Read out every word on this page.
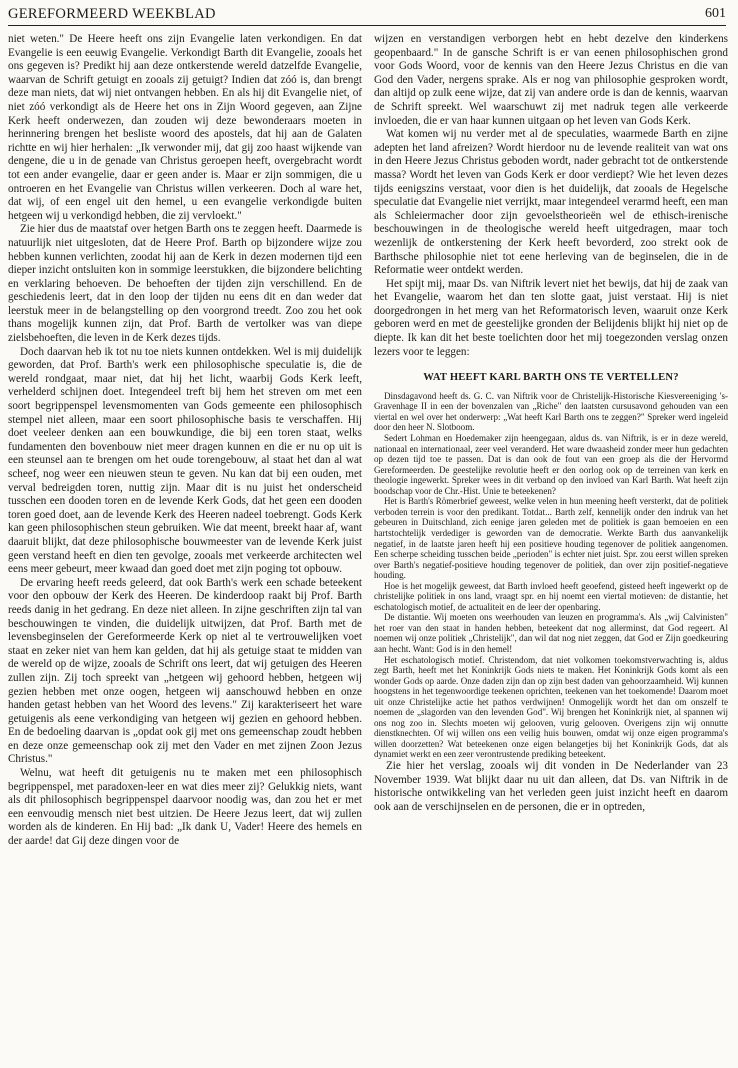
GEREFORMEERD WEEKBLAD	601

niet weten." De Heere heeft ons zijn Evangelie laten verkondigen. En dat Evangelie is een eeuwig Evangelie. Verkondigt Barth dit Evangelie, zooals het ons gegeven is? Predikt hij aan deze ontkerstende wereld datzelfde Evangelie, waarvan de Schrift getuigt en zooals zij getuigt? Indien dat zóó is, dan brengt deze man niets, dat wij niet ontvangen hebben. En als hij dit Evangelie niet, of niet zóó verkondigt als de Heere het ons in Zijn Woord gegeven, aan Zijne Kerk heeft onderwezen, dan zouden wij deze bewonderaars moeten in herinnering brengen het besliste woord des apostels, dat hij aan de Galaten richtte en wij hier herhalen: „Ik verwonder mij, dat gij zoo haast wijkende van dengene, die u in de genade van Christus geroepen heeft, overgebracht wordt tot een ander evangelie, daar er geen ander is. Maar er zijn sommigen, die u ontroeren en het Evangelie van Christus willen verkeeren. Doch al ware het, dat wij, of een engel uit den hemel, u een evangelie verkondigde buiten hetgeen wij u verkondigd hebben, die zij vervloekt."

Zie hier dus de maatstaf over hetgen Barth ons te zeggen heeft. Daarmede is natuurlijk niet uitgesloten, dat de Heere Prof. Barth op bijzondere wijze zou hebben kunnen verlichten, zoodat hij aan de Kerk in dezen modernen tijd een dieper inzicht ontsluiten kon in sommige leerstukken, die bijzondere belichting en verklaring behoeven. De behoeften der tijden zijn verschillend. En de geschiedenis leert, dat in den loop der tijden nu eens dit en dan weder dat leerstuk meer in de belangstelling op den voorgrond treedt. Zoo zou het ook thans mogelijk kunnen zijn, dat Prof. Barth de vertolker was van diepe zielsbehoeften, die leven in de Kerk dezes tijds.

Doch daarvan heb ik tot nu toe niets kunnen ontdekken. Wel is mij duidelijk geworden, dat Prof. Barth's werk een philosophische speculatie is, die de wereld rondgaat, maar niet, dat hij het licht, waarbij Gods Kerk leeft, verhelderd schijnen doet. Integendeel treft bij hem het streven om met een soort begrippenspel levensmomenten van Gods gemeente een philosophisch stempel niet alleen, maar een soort philosophische basis te verschaffen. Hij doet veeleer denken aan een bouwkundige, die bij een toren staat, welks fundamenten den bovenbouw niet meer dragen kunnen en die er nu op uit is een steunsel aan te brengen om het oude torengebouw, al staat het dan al wat scheef, nog weer een nieuwen steun te geven. Nu kan dat bij een ouden, met verval bedreigden toren, nuttig zijn. Maar dit is nu juist het onderscheid tusschen een dooden toren en de levende Kerk Gods, dat het geen een dooden toren goed doet, aan de levende Kerk des Heeren nadeel toebrengt. Gods Kerk kan geen philosophischen steun gebruiken. Wie dat meent, breekt haar af, want daaruit blijkt, dat deze philosophische bouwmeester van de levende Kerk juist geen verstand heeft en dien ten gevolge, zooals met verkeerde architecten wel eens meer gebeurt, meer kwaad dan goed doet met zijn poging tot opbouw.

De ervaring heeft reeds geleerd, dat ook Barth's werk een schade beteekent voor den opbouw der Kerk des Heeren. De kinderdoop raakt bij Prof. Barth reeds danig in het gedrang. En deze niet alleen. In zijne geschriften zijn tal van beschouwingen te vinden, die duidelijk uitwijzen, dat Prof. Barth met de levensbeginselen der Gereformeerde Kerk op niet al te vertrouwelijken voet staat en zeker niet van hem kan gelden, dat hij als getuige staat te midden van de wereld op de wijze, zooals de Schrift ons leert, dat wij getuigen des Heeren zullen zijn. Zij toch spreekt van „hetgeen wij gehoord hebben, hetgeen wij gezien hebben met onze oogen, hetgeen wij aanschouwd hebben en onze handen getast hebben van het Woord des levens." Zij karakteriseert het ware getuigenis als eene verkondiging van hetgeen wij gezien en gehoord hebben. En de bedoeling daarvan is „opdat ook gij met ons gemeenschap zoudt hebben en deze onze gemeenschap ook zij met den Vader en met zijnen Zoon Jezus Christus."

Welnu, wat heeft dit getuigenis nu te maken met een philosophisch begrippenspel, met paradoxen-leer en wat dies meer zij? Gelukkig niets, want als dit philosophisch begrippenspel daarvoor noodig was, dan zou het er met een eenvoudig mensch niet best uitzien. De Heere Jezus leert, dat wij zullen worden als de kinderen. En Hij bad: „Ik dank U, Vader! Heere des hemels en der aarde! dat Gij deze dingen voor de

wijzen en verstandigen verborgen hebt en hebt dezelve den kinderkens geopenbaard." In de gansche Schrift is er van eenen philosophischen grond voor Gods Woord, voor de kennis van den Heere Jezus Christus en die van God den Vader, nergens sprake. Als er nog van philosophie gesproken wordt, dan altijd op zulk eene wijze, dat zij van andere orde is dan de kennis, waarvan de Schrift spreekt. Wel waarschuwt zij met nadruk tegen alle verkeerde invloeden, die er van haar kunnen uitgaan op het leven van Gods Kerk.

Wat komen wij nu verder met al de speculaties, waarmede Barth en zijne adepten het land afreizen? Wordt hierdoor nu de levende realiteit van wat ons in den Heere Jezus Christus geboden wordt, nader gebracht tot de ontkerstende massa? Wordt het leven van Gods Kerk er door verdiept? Wie het leven dezes tijds eenigszins verstaat, voor dien is het duidelijk, dat zooals de Hegelsche speculatie dat Evangelie niet verrijkt, maar integendeel verarmd heeft, een man als Schleiermacher door zijn gevoelstheorieën wel de ethisch-irenische beschouwingen in de theologische wereld heeft uitgedragen, maar toch wezenlijk de ontkerstening der Kerk heeft bevorderd, zoo strekt ook de Barthsche philosophie niet tot eene herleving van de beginselen, die in de Reformatie weer ontdekt werden.

Het spijt mij, maar Ds. van Niftrik levert niet het bewijs, dat hij de zaak van het Evangelie, waarom het dan ten slotte gaat, juist verstaat. Hij is niet doorgedrongen in het merg van het Reformatorisch leven, waaruit onze Kerk geboren werd en met de geestelijke gronden der Belijdenis blijkt hij niet op de diepte. Ik kan dit het beste toelichten door het mij toegezonden verslag onzen lezers voor te leggen:

WAT HEEFT KARL BARTH ONS TE VERTELLEN?

Dinsdagavond heeft ds. G. C. van Niftrik voor de Christelijk-Historische Kiesvereeniging 's-Gravenhage II in een der bovenzalen van „Riche" den laatsten cursusavond gehouden van een viertal en wel over het onderwerp: „Wat heeft Karl Barth ons te zeggen?" Spreker werd ingeleid door den heer N. Slotboom.

Sedert Lohman en Hoedemaker zijn heengegaan, aldus ds. van Niftrik, is er in deze wereld, nationaal en internationaal, zeer veel veranderd. Het ware dwaasheid zonder meer hun gedachten op dezen tijd toe te passen. Dat is dan ook de fout van een groep als die der Hervormd Gereformeerden. De geestelijke revolutie heeft er den oorlog ook op de terreinen van kerk en theologie ingewerkt. Spreker wees in dit verband op den invloed van Karl Barth. Wat heeft zijn boodschap voor de Chr.-Hist. Unie te beteekenen?

Het is Barth's Römerbrief geweest, welke velen in hun meening heeft versterkt, dat de politiek verboden terrein is voor den predikant. Totdat... Barth zelf, kennelijk onder den indruk van het gebeuren in Duitschland, zich eenige jaren geleden met de politiek is gaan bemoeien en een hartstochtelijk verdediger is geworden van de democratie. Werkte Barth dus aanvankelijk negatief, in de laatste jaren heeft hij een positieve houding tegenover de politiek aangenomen. Een scherpe scheiding tusschen beide „perioden" is echter niet juist. Spr. zou eerst willen spreken over Barth's negatief-positieve houding tegenover de politiek, dan over zijn positief-negatieve houding.

Hoe is het mogelijk geweest, dat Barth invloed heeft geoefend, gisteed heeft ingewerkt op de christelijke politiek in ons land, vraagt spr. en hij noemt een viertal motieven: de distantie, het eschatologisch motief, de actualiteit en de leer der openbaring.

De distantie. Wij moeten ons weerhouden van leuzen en programma's. Als „wij Calvinisten" het roer van den staat in handen hebben, beteekent dat nog allerminst, dat God regeert. Al noemen wij onze politiek „Christelijk", dan wil dat nog niet zeggen, dat God er Zijn goedkeuring aan hecht. Want: God is in den hemel!

Het eschatologisch motief. Christendom, dat niet volkomen toekomstverwachting is, aldus zegt Barth, heeft met het Koninkrijk Gods niets te maken. Het Koninkrijk Gods komt als een wonder Gods op aarde. Onze daden zijn dan op zijn best daden van gehoorzaamheid. Wij kunnen hoogstens in het tegenwoordige teekenen oprichten, teekenen van het toekomende! Daarom moet uit onze Christelijke actie het pathos verdwijnen! Onmogelijk wordt het dan om onszelf te noemen de „slagorden van den levenden God". Wij brengen het Koninkrijk niet, al spannen wij ons nog zoo in. Slechts moeten wij gelooven, vurig gelooven. Overigens zijn wij onnutte dienstknechten. Of wij willen ons een veilig huis bouwen, omdat wij onze eigen programma's willen doorzetten? Wat beteekenen onze eigen belangetjes bij het Koninkrijk Gods, dat als dynamiet werkt en een zeer verontrustende prediking beteekent.

Zie hier het verslag, zooals wij dit vonden in De Nederlander van 23 November 1939. Wat blijkt daar nu uit dan alleen, dat Ds. van Niftrik in de historische ontwikkeling van het verleden geen juist inzicht heeft en daarom ook aan de verschijnselen en de personen, die er in optreden,
